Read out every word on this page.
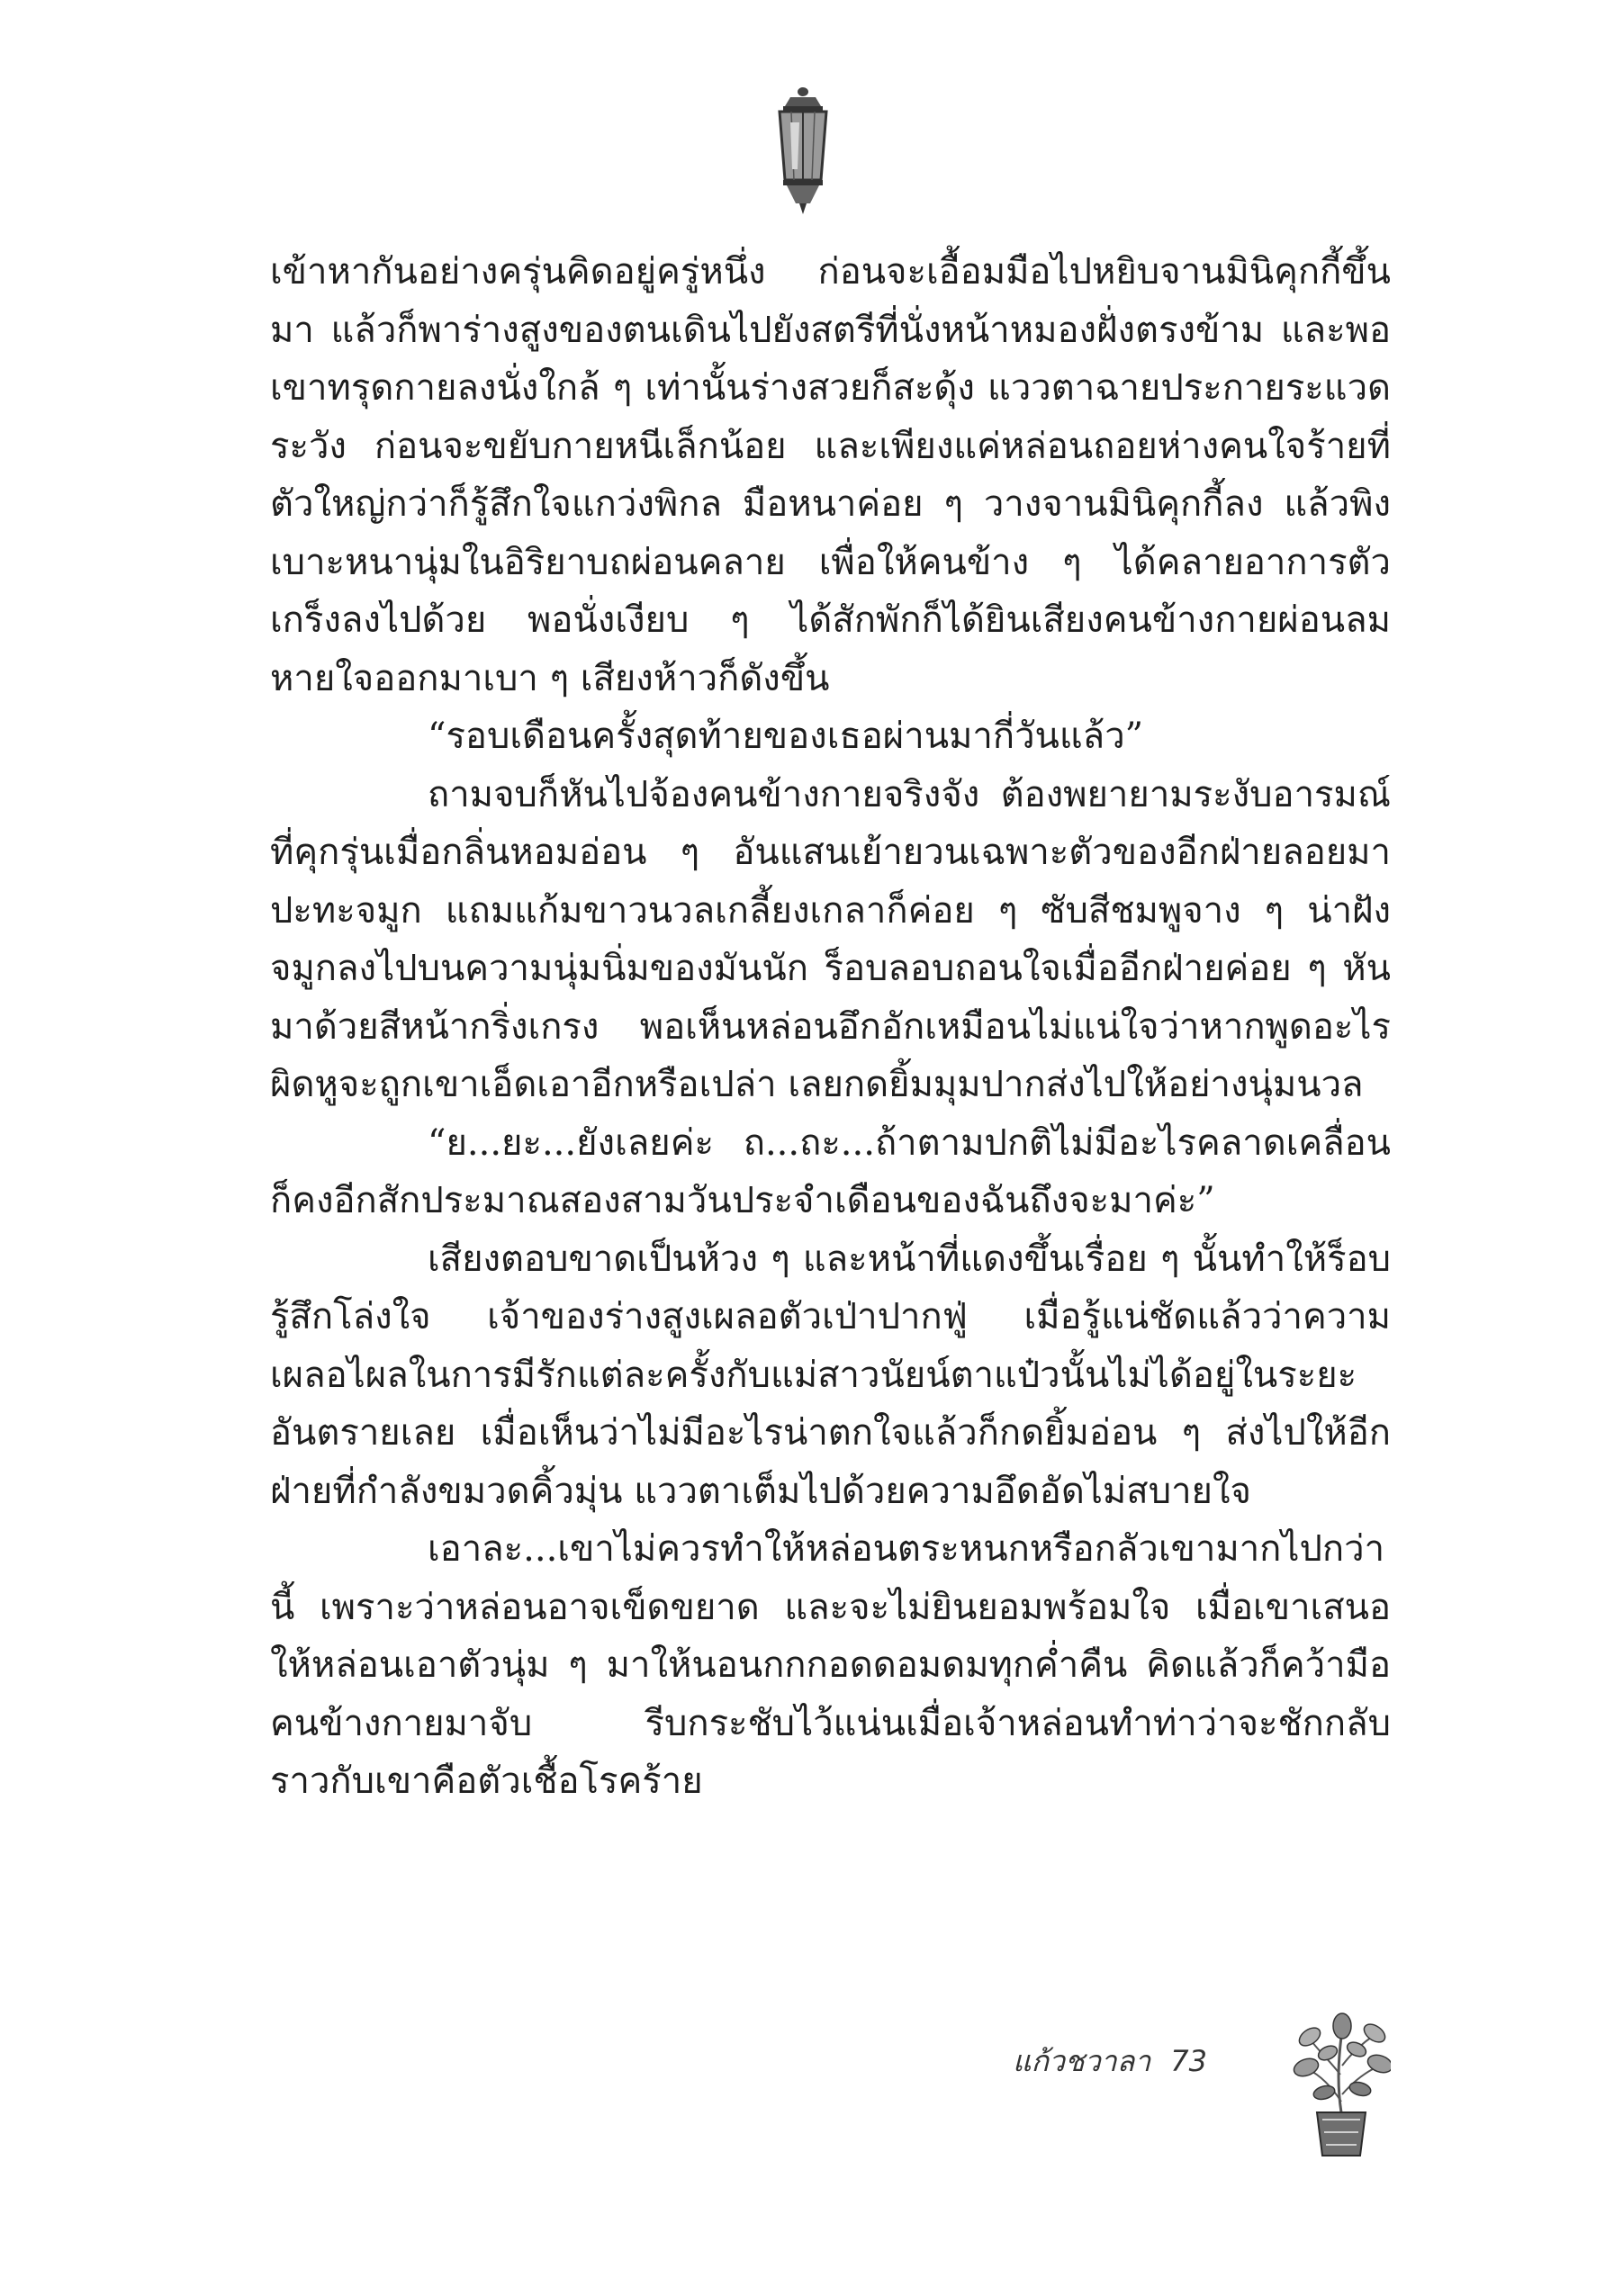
เข้าหากันอย่างครุ่นคิดอยู่ครู่หนึ่ง ก่อนจะเอื้อมมือไปหยิบจานมินิคุกกี้ขึ้นมา แล้วก็พาร่างสูงของตนเดินไปยังสตรีที่นั่งหน้าหมองฝั่งตรงข้าม และพอเขาทรุดกายลงนั่งใกล้ ๆ เท่านั้นร่างสวยก็สะดุ้ง แววตาฉายประกายระแวดระวัง ก่อนจะขยับกายหนีเล็กน้อย และเพียงแค่หล่อนถอยห่างคนใจร้ายที่ตัวใหญ่กว่าก็รู้สึกใจแกว่งพิกล มือหนาค่อย ๆ วางจานมินิคุกกี้ลง แล้วพิงเบาะหนานุ่มในอิริยาบถผ่อนคลาย เพื่อให้คนข้าง ๆ ได้คลายอาการตัวเกร็งลงไปด้วย พอนั่งเงียบ ๆ ได้สักพักก็ได้ยินเสียงคนข้างกายผ่อนลมหายใจออกมาเบา ๆ เสียงห้าวก็ดังขึ้น

“รอบเดือนครั้งสุดท้ายของเธอผ่านมากี่วันแล้ว”

ถามจบก็หันไปจ้องคนข้างกายจริงจัง ต้องพยายามระงับอารมณ์ที่คุกรุ่นเมื่อกลิ่นหอมอ่อน ๆ อันแสนเย้ายวนเฉพาะตัวของอีกฝ่ายลอยมาปะทะจมูก แถมแก้มขาวนวลเกลี้ยงเกลาก็ค่อย ๆ ซับสีชมพูจาง ๆ น่าฝังจมูกลงไปบนความนุ่มนิ่มของมันนัก ร็อบลอบถอนใจเมื่ออีกฝ่ายค่อย ๆ หันมาด้วยสีหน้ากริ่งเกรง พอเห็นหล่อนอึกอักเหมือนไม่แน่ใจว่าหากพูดอะไรผิดหูจะถูกเขาเอ็ดเอาอีกหรือเปล่า เลยกดยิ้มมุมปากส่งไปให้อย่างนุ่มนวล

“ย...ยะ...ยังเลยค่ะ ถ...ถะ...ถ้าตามปกติไม่มีอะไรคลาดเคลื่อนก็คงอีกสักประมาณสองสามวันประจำเดือนของฉันถึงจะมาค่ะ”

เสียงตอบขาดเป็นห้วง ๆ และหน้าที่แดงขึ้นเรื่อย ๆ นั้นทำให้ร็อบรู้สึกโล่งใจ เจ้าของร่างสูงเผลอตัวเป่าปากฟู่ เมื่อรู้แน่ชัดแล้วว่าความเผลอไผลในการมีรักแต่ละครั้งกับแม่สาวนัยน์ตาแป๋วนั้นไม่ได้อยู่ในระยะอันตรายเลย เมื่อเห็นว่าไม่มีอะไรน่าตกใจแล้วก็กดยิ้มอ่อน ๆ ส่งไปให้อีกฝ่ายที่กำลังขมวดคิ้วมุ่น แววตาเต็มไปด้วยความอึดอัดไม่สบายใจ

เอาละ...เขาไม่ควรทำให้หล่อนตระหนกหรือกลัวเขามากไปกว่านี้ เพราะว่าหล่อนอาจเข็ดขยาด และจะไม่ยินยอมพร้อมใจ เมื่อเขาเสนอให้หล่อนเอาตัวนุ่ม ๆ มาให้นอนกกกอดดอมดมทุกค่ำคืน คิดแล้วก็คว้ามือคนข้างกายมาจับ รีบกระชับไว้แน่นเมื่อเจ้าหล่อนทำท่าว่าจะชักกลับราวกับเขาคือตัวเชื้อโรคร้าย

แก้วชวาลา 73
